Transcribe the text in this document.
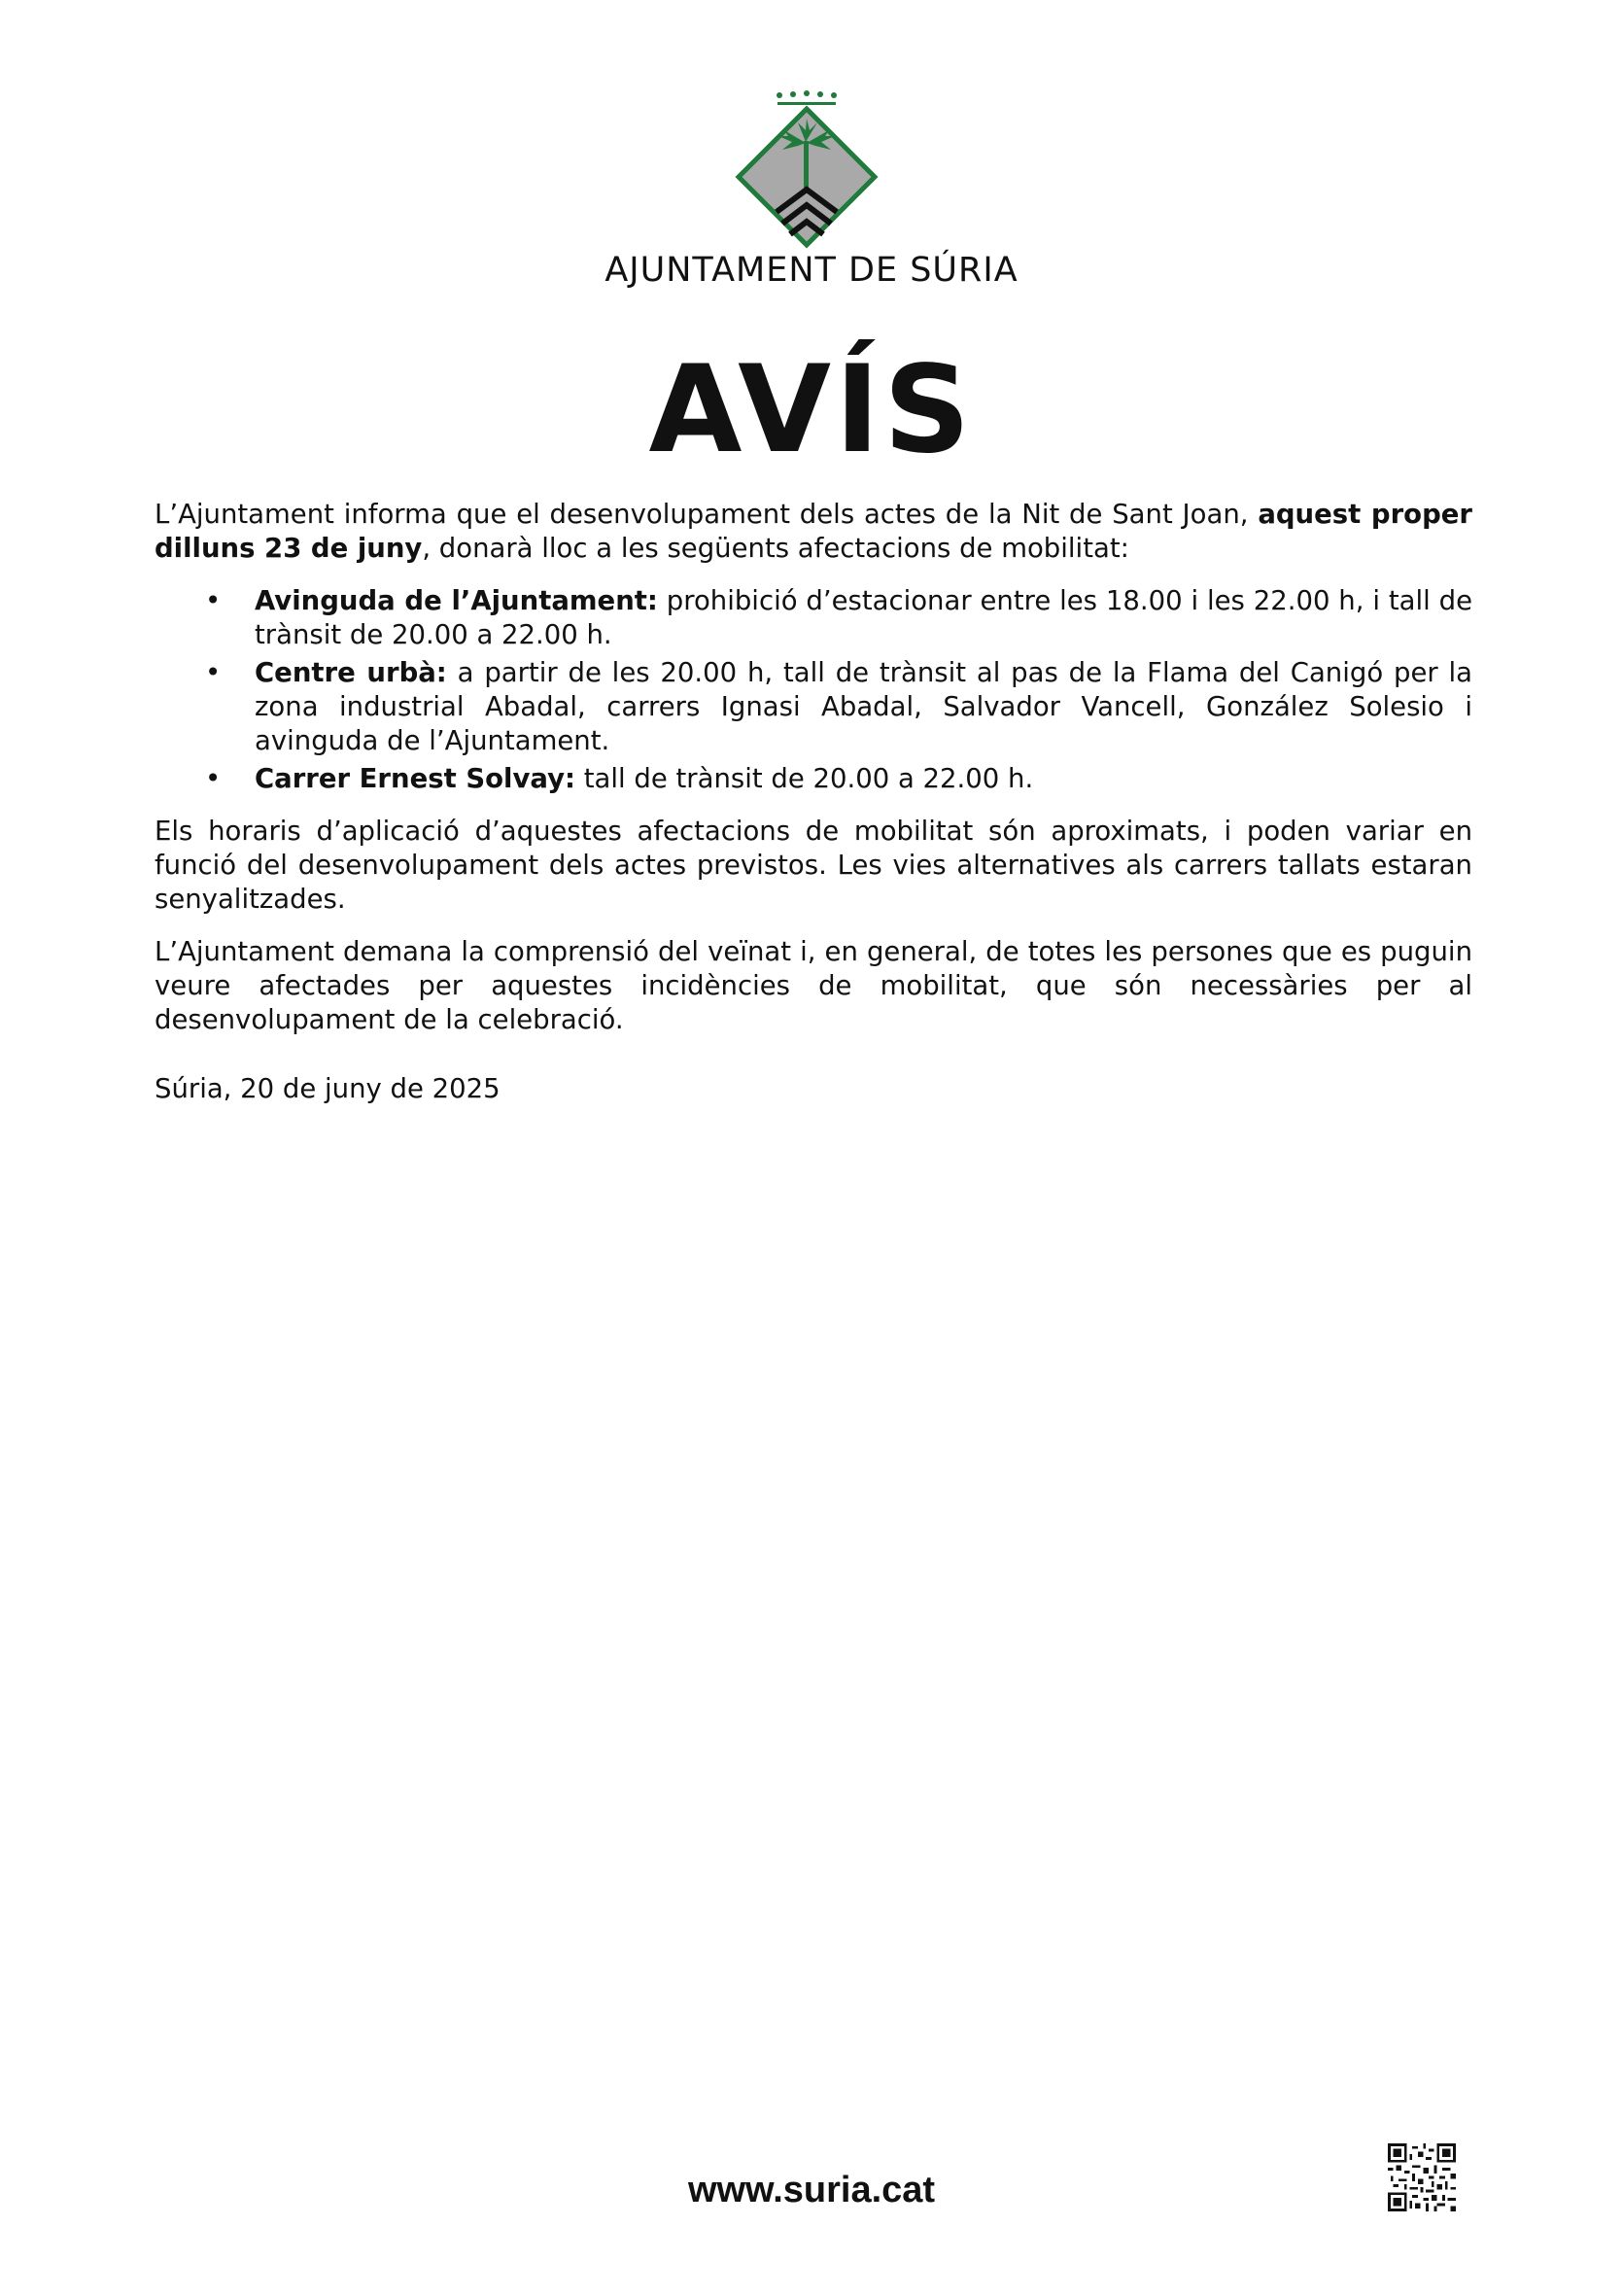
AJUNTAMENT DE SÚRIA
AVÍS

L’Ajuntament informa que el desenvolupament dels actes de la Nit de Sant Joan, aquest proper dilluns 23 de juny, donarà lloc a les següents afectacions de mobilitat:

• Avinguda de l’Ajuntament: prohibició d’estacionar entre les 18.00 i les 22.00 h, i tall de trànsit de 20.00 a 22.00 h.
• Centre urbà: a partir de les 20.00 h, tall de trànsit al pas de la Flama del Canigó per la zona industrial Abadal, carrers Ignasi Abadal, Salvador Vancell, González Solesio i avinguda de l’Ajuntament.
• Carrer Ernest Solvay: tall de trànsit de 20.00 a 22.00 h.

Els horaris d’aplicació d’aquestes afectacions de mobilitat són aproximats, i poden variar en funció del desenvolupament dels actes previstos. Les vies alternatives als carrers tallats estaran senyalitzades.

L’Ajuntament demana la comprensió del veïnat i, en general, de totes les persones que es puguin veure afectades per aquestes incidències de mobilitat, que són necessàries per al desenvolupament de la celebració.

Súria, 20 de juny de 2025

www.suria.cat
